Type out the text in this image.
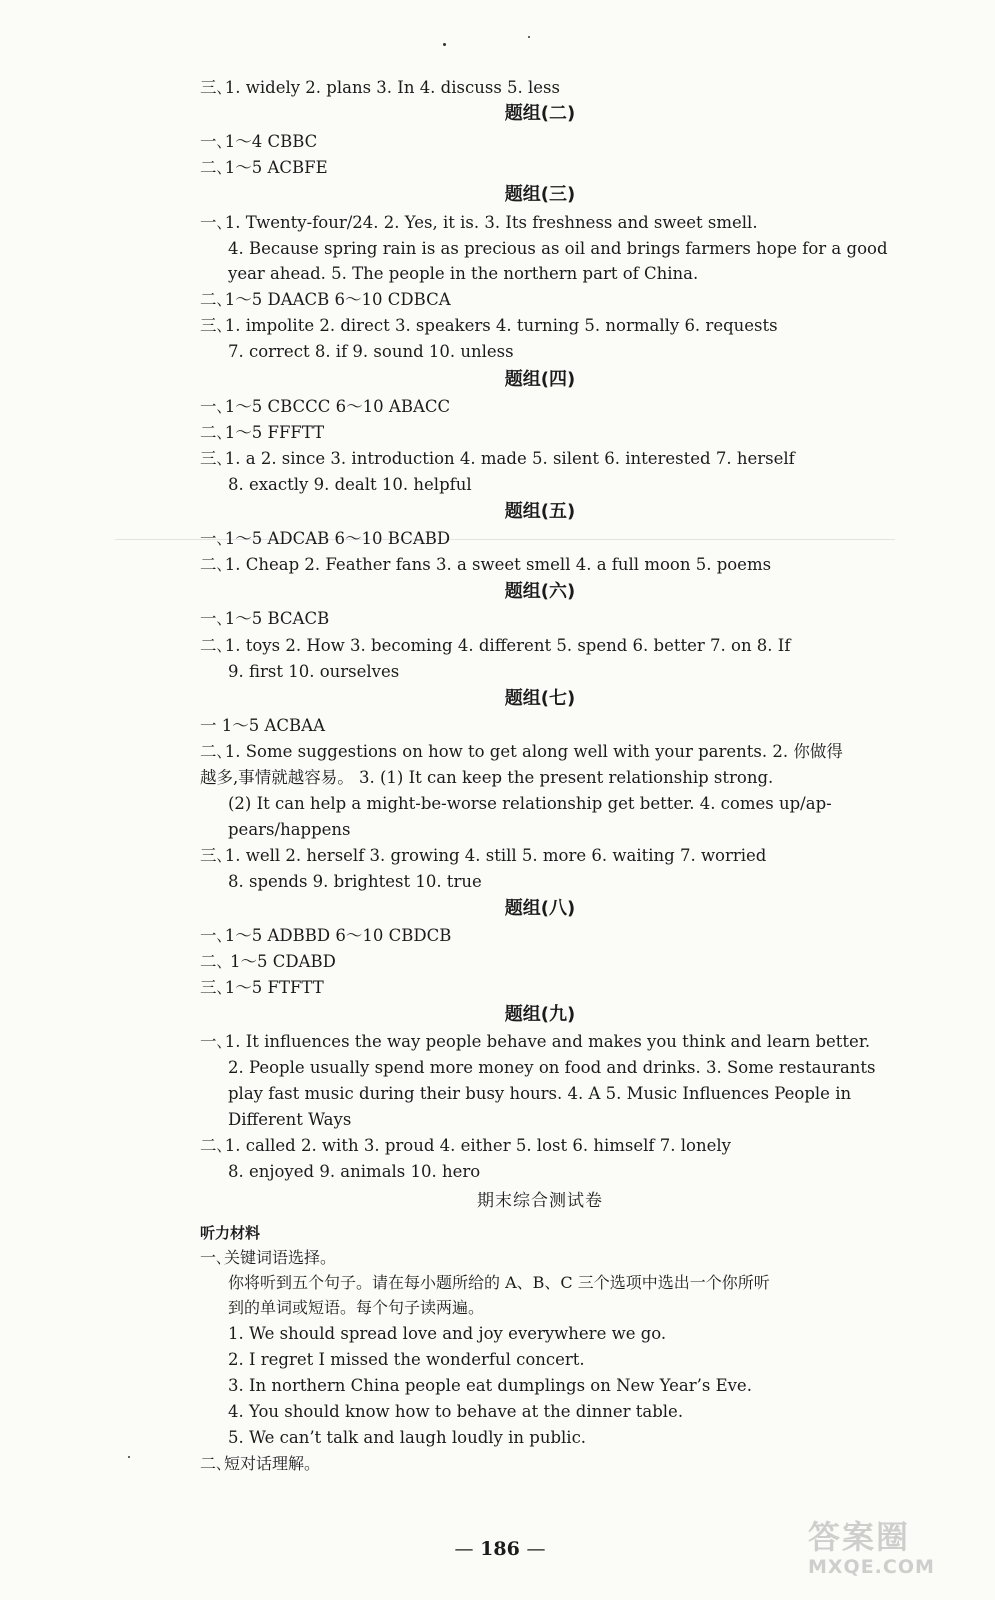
三､1. widely 2. plans 3. In 4. discuss 5. less
题组(二)
一､1～4 CBBC
二､1～5 ACBFE
题组(三)
一､1. Twenty-four/24. 2. Yes, it is. 3. Its freshness and sweet smell.
4. Because spring rain is as precious as oil and brings farmers hope for a good
year ahead. 5. The people in the northern part of China.
二､1～5 DAACB 6～10 CDBCA
三､1. impolite 2. direct 3. speakers 4. turning 5. normally 6. requests
7. correct 8. if 9. sound 10. unless
题组(四)
一､1～5 CBCCC 6～10 ABACC
二､1～5 FFFTT
三､1. a 2. since 3. introduction 4. made 5. silent 6. interested 7. herself
8. exactly 9. dealt 10. helpful
题组(五)
一､1～5 ADCAB 6～10 BCABD
二､1. Cheap 2. Feather fans 3. a sweet smell 4. a full moon 5. poems
题组(六)
一､1～5 BCACB
二､1. toys 2. How 3. becoming 4. different 5. spend 6. better 7. on 8. If
9. first 10. ourselves
题组(七)
一 1～5 ACBAA
二､1. Some suggestions on how to get along well with your parents. 2. 你做得
越多,事情就越容易。 3. (1) It can keep the present relationship strong.
(2) It can help a might-be-worse relationship get better. 4. comes up/ap-
pears/happens
三､1. well 2. herself 3. growing 4. still 5. more 6. waiting 7. worried
8. spends 9. brightest 10. true
题组(八)
一､1～5 ADBBD 6～10 CBDCB
二､ 1～5 CDABD
三､1～5 FTFTT
题组(九)
一､1. It influences the way people behave and makes you think and learn better.
2. People usually spend more money on food and drinks. 3. Some restaurants
play fast music during their busy hours. 4. A 5. Music Influences People in
Different Ways
二､1. called 2. with 3. proud 4. either 5. lost 6. himself 7. lonely
8. enjoyed 9. animals 10. hero
期末综合测试卷
听力材料
一､关键词语选择。
你将听到五个句子。请在每小题所给的 A、B、C 三个选项中选出一个你所听
到的单词或短语。每个句子读两遍。
1. We should spread love and joy everywhere we go.
2. I regret I missed the wonderful concert.
3. In northern China people eat dumplings on New Year’s Eve.
4. You should know how to behave at the dinner table.
5. We can’t talk and laugh loudly in public.
二､短对话理解。
— 186 —	答案圈
MXQE.COM
